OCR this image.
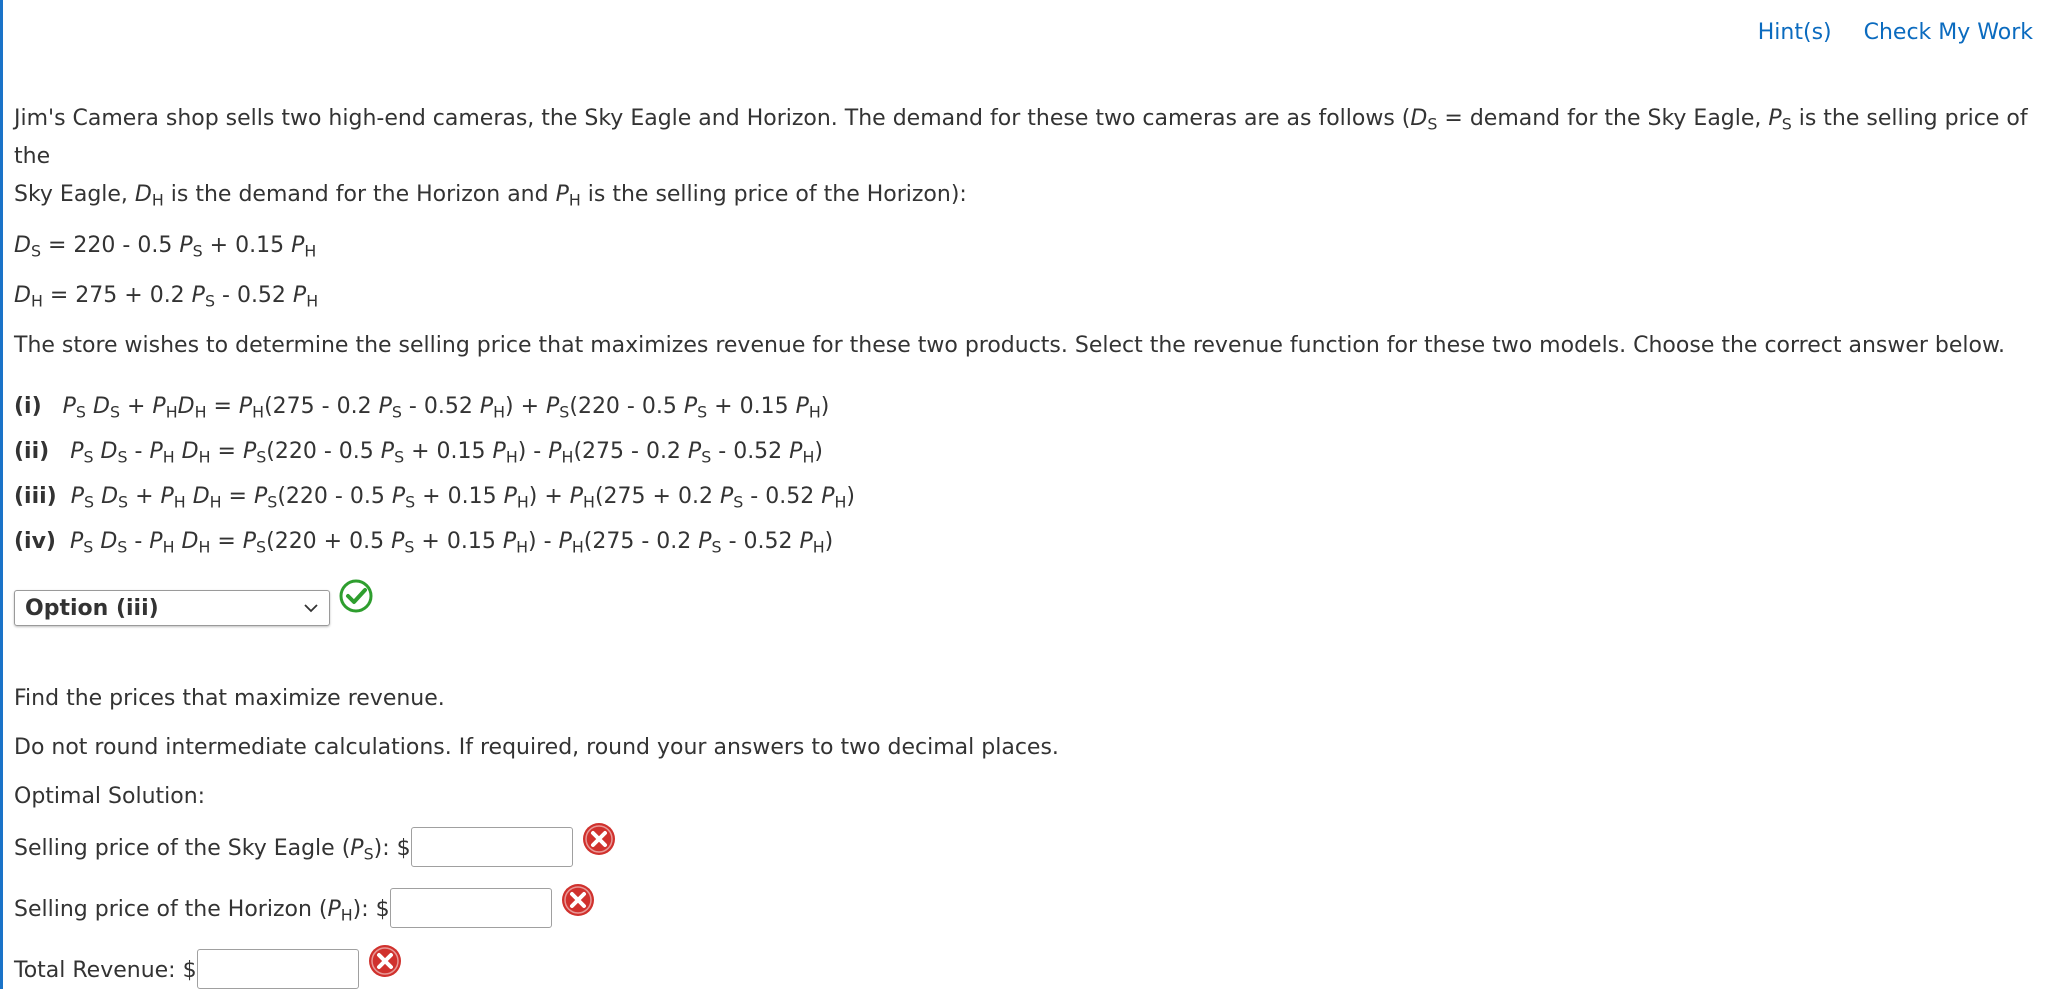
Hint(s) Check My Work

Jim's Camera shop sells two high-end cameras, the Sky Eagle and Horizon. The demand for these two cameras are as follows ($D_S$ = demand for the Sky Eagle, $P_S$ is the selling price of the
Sky Eagle, $D_H$ is the demand for the Horizon and $P_H$ is the selling price of the Horizon):

$D_S = 220 - 0.5$ $P_S + 0.15$ $P_H$

$D_H = 275 + 0.2$ $P_S - 0.52$ $P_H$

The store wishes to determine the selling price that maximizes revenue for these two products. Select the revenue function for these two models. Choose the correct answer below.

(i) $P_S$ $D_S + P_HD_H = P_H(275 - 0.2$ $P_S - 0.52$ $P_H) + P_S(220 - 0.5$ $P_S + 0.15$ $P_H$)
(ii) $P_S$ $D_S - P_H$ $D_H = P_S(220 - 0.5$ $P_S + 0.15$ $P_H) - P_H(275 - 0.2$ $P_S - 0.52$ $P_H$)
(iii) $P_S$ $D_S + P_H$ $D_H = P_S(220 - 0.5$ $P_S + 0.15$ $P_H) + P_H(275 + 0.2$ $P_S - 0.52$ $P_H$)
(iv) $P_S$ $D_S - P_H$ $D_H = P_S(220 + 0.5$ $P_S + 0.15$ $P_H) - P_H(275 - 0.2$ $P_S - 0.52$ $P_H$)
Option (iii)

Find the prices that maximize revenue.

Do not round intermediate calculations. If required, round your answers to two decimal places.

Optimal Solution:

Selling price of the Sky Eagle $(P_S)$: $
Selling price of the Horizon $(P_H)$: $
Total Revenue: $
